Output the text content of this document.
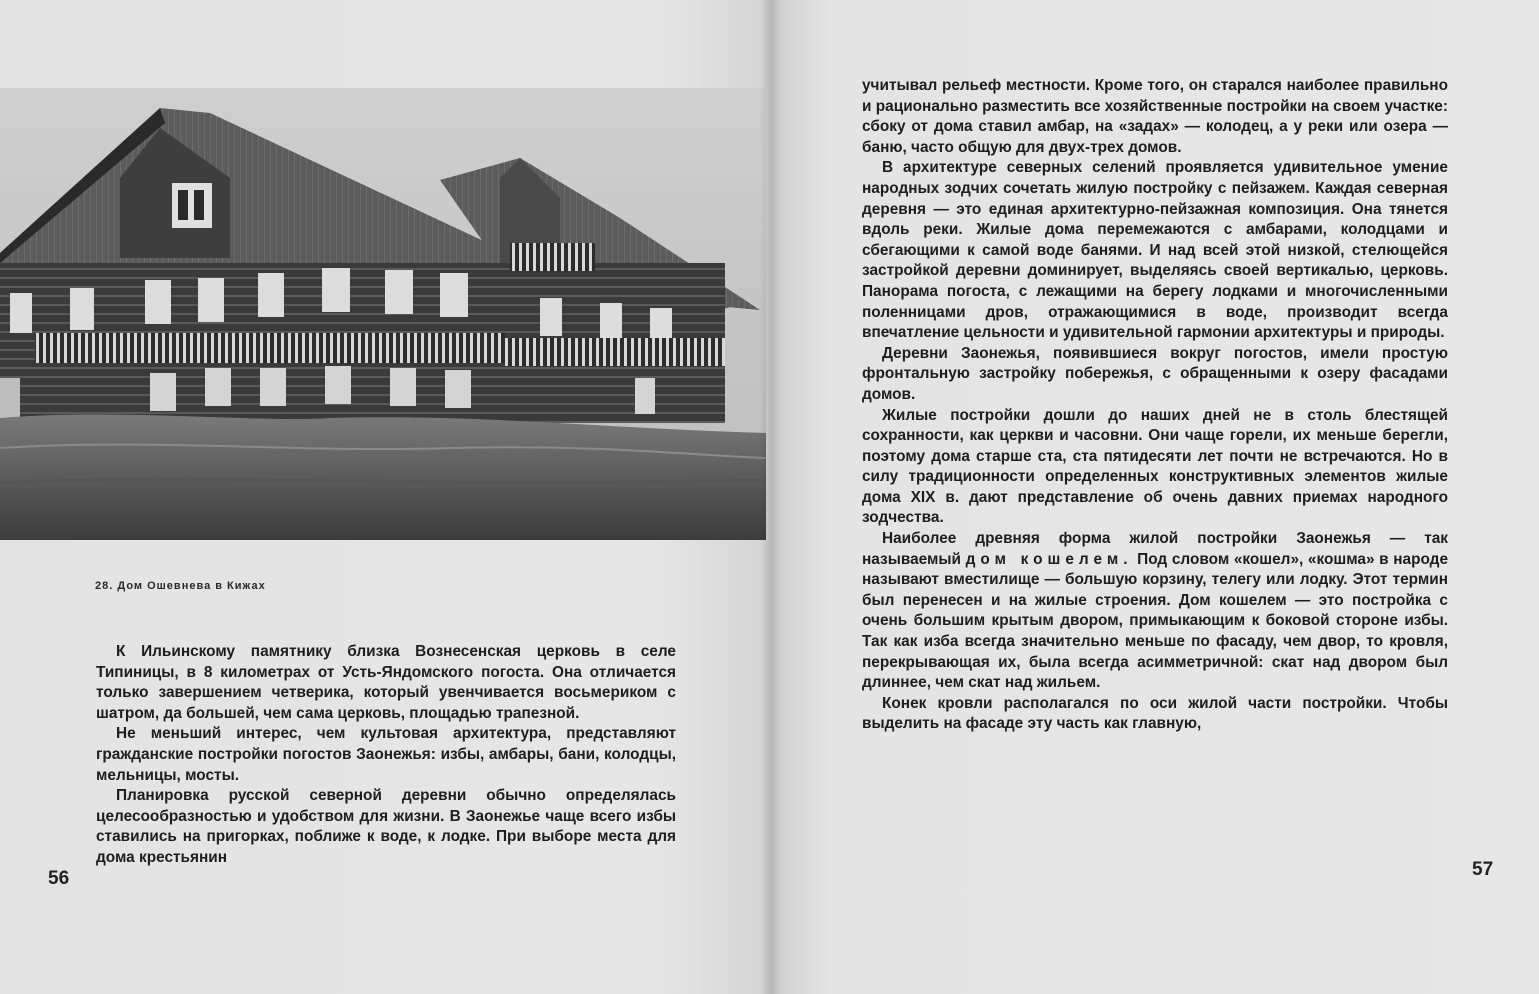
28. Дом Ошевнева в Кижах

К Ильинскому памятнику близка Вознесенская церковь в селе Типиницы, в 8 километрах от Усть-Яндомского погоста. Она отличается только завершением четверика, который увенчивается восьмериком с шатром, да большей, чем сама церковь, площадью трапезной.

Не меньший интерес, чем культовая архитектура, представляют гражданские постройки погостов Заонежья: избы, амбары, бани, колодцы, мельницы, мосты.

Планировка русской северной деревни обычно определялась целесообразностью и удобством для жизни. В Заонежье чаще всего избы ставились на пригорках, поближе к воде, к лодке. При выборе места для дома крестьянин

56

учитывал рельеф местности. Кроме того, он старался наиболее правильно и рационально разместить все хозяйственные постройки на своем участке: сбоку от дома ставил амбар, на «задах» — колодец, а у реки или озера — баню, часто общую для двух-трех домов.

В архитектуре северных селений проявляется удивительное умение народных зодчих сочетать жилую постройку с пейзажем. Каждая северная деревня — это единая архитектурно-пейзажная композиция. Она тянется вдоль реки. Жилые дома перемежаются с амбарами, колодцами и сбегающими к самой воде банями. И над всей этой низкой, стелющейся застройкой деревни доминирует, выделяясь своей вертикалью, церковь. Панорама погоста, с лежащими на берегу лодками и многочисленными поленницами дров, отражающимися в воде, производит всегда впечатление цельности и удивительной гармонии архитектуры и природы.

Деревни Заонежья, появившиеся вокруг погостов, имели простую фронтальную застройку побережья, с обращенными к озеру фасадами домов.

Жилые постройки дошли до наших дней не в столь блестящей сохранности, как церкви и часовни. Они чаще горели, их меньше берегли, поэтому дома старше ста, ста пятидесяти лет почти не встречаются. Но в силу традиционности определенных конструктивных элементов жилые дома XIX в. дают представление об очень давних приемах народного зодчества.

Наиболее древняя форма жилой постройки Заонежья — так называемый дом кошелем. Под словом «кошел», «кошма» в народе называют вместилище — большую корзину, телегу или лодку. Этот термин был перенесен и на жилые строения. Дом кошелем — это постройка с очень большим крытым двором, примыкающим к боковой стороне избы. Так как изба всегда значительно меньше по фасаду, чем двор, то кровля, перекрывающая их, была всегда асимметричной: скат над двором был длиннее, чем скат над жильем.

Конек кровли располагался по оси жилой части постройки. Чтобы выделить на фасаде эту часть как главную,

57
